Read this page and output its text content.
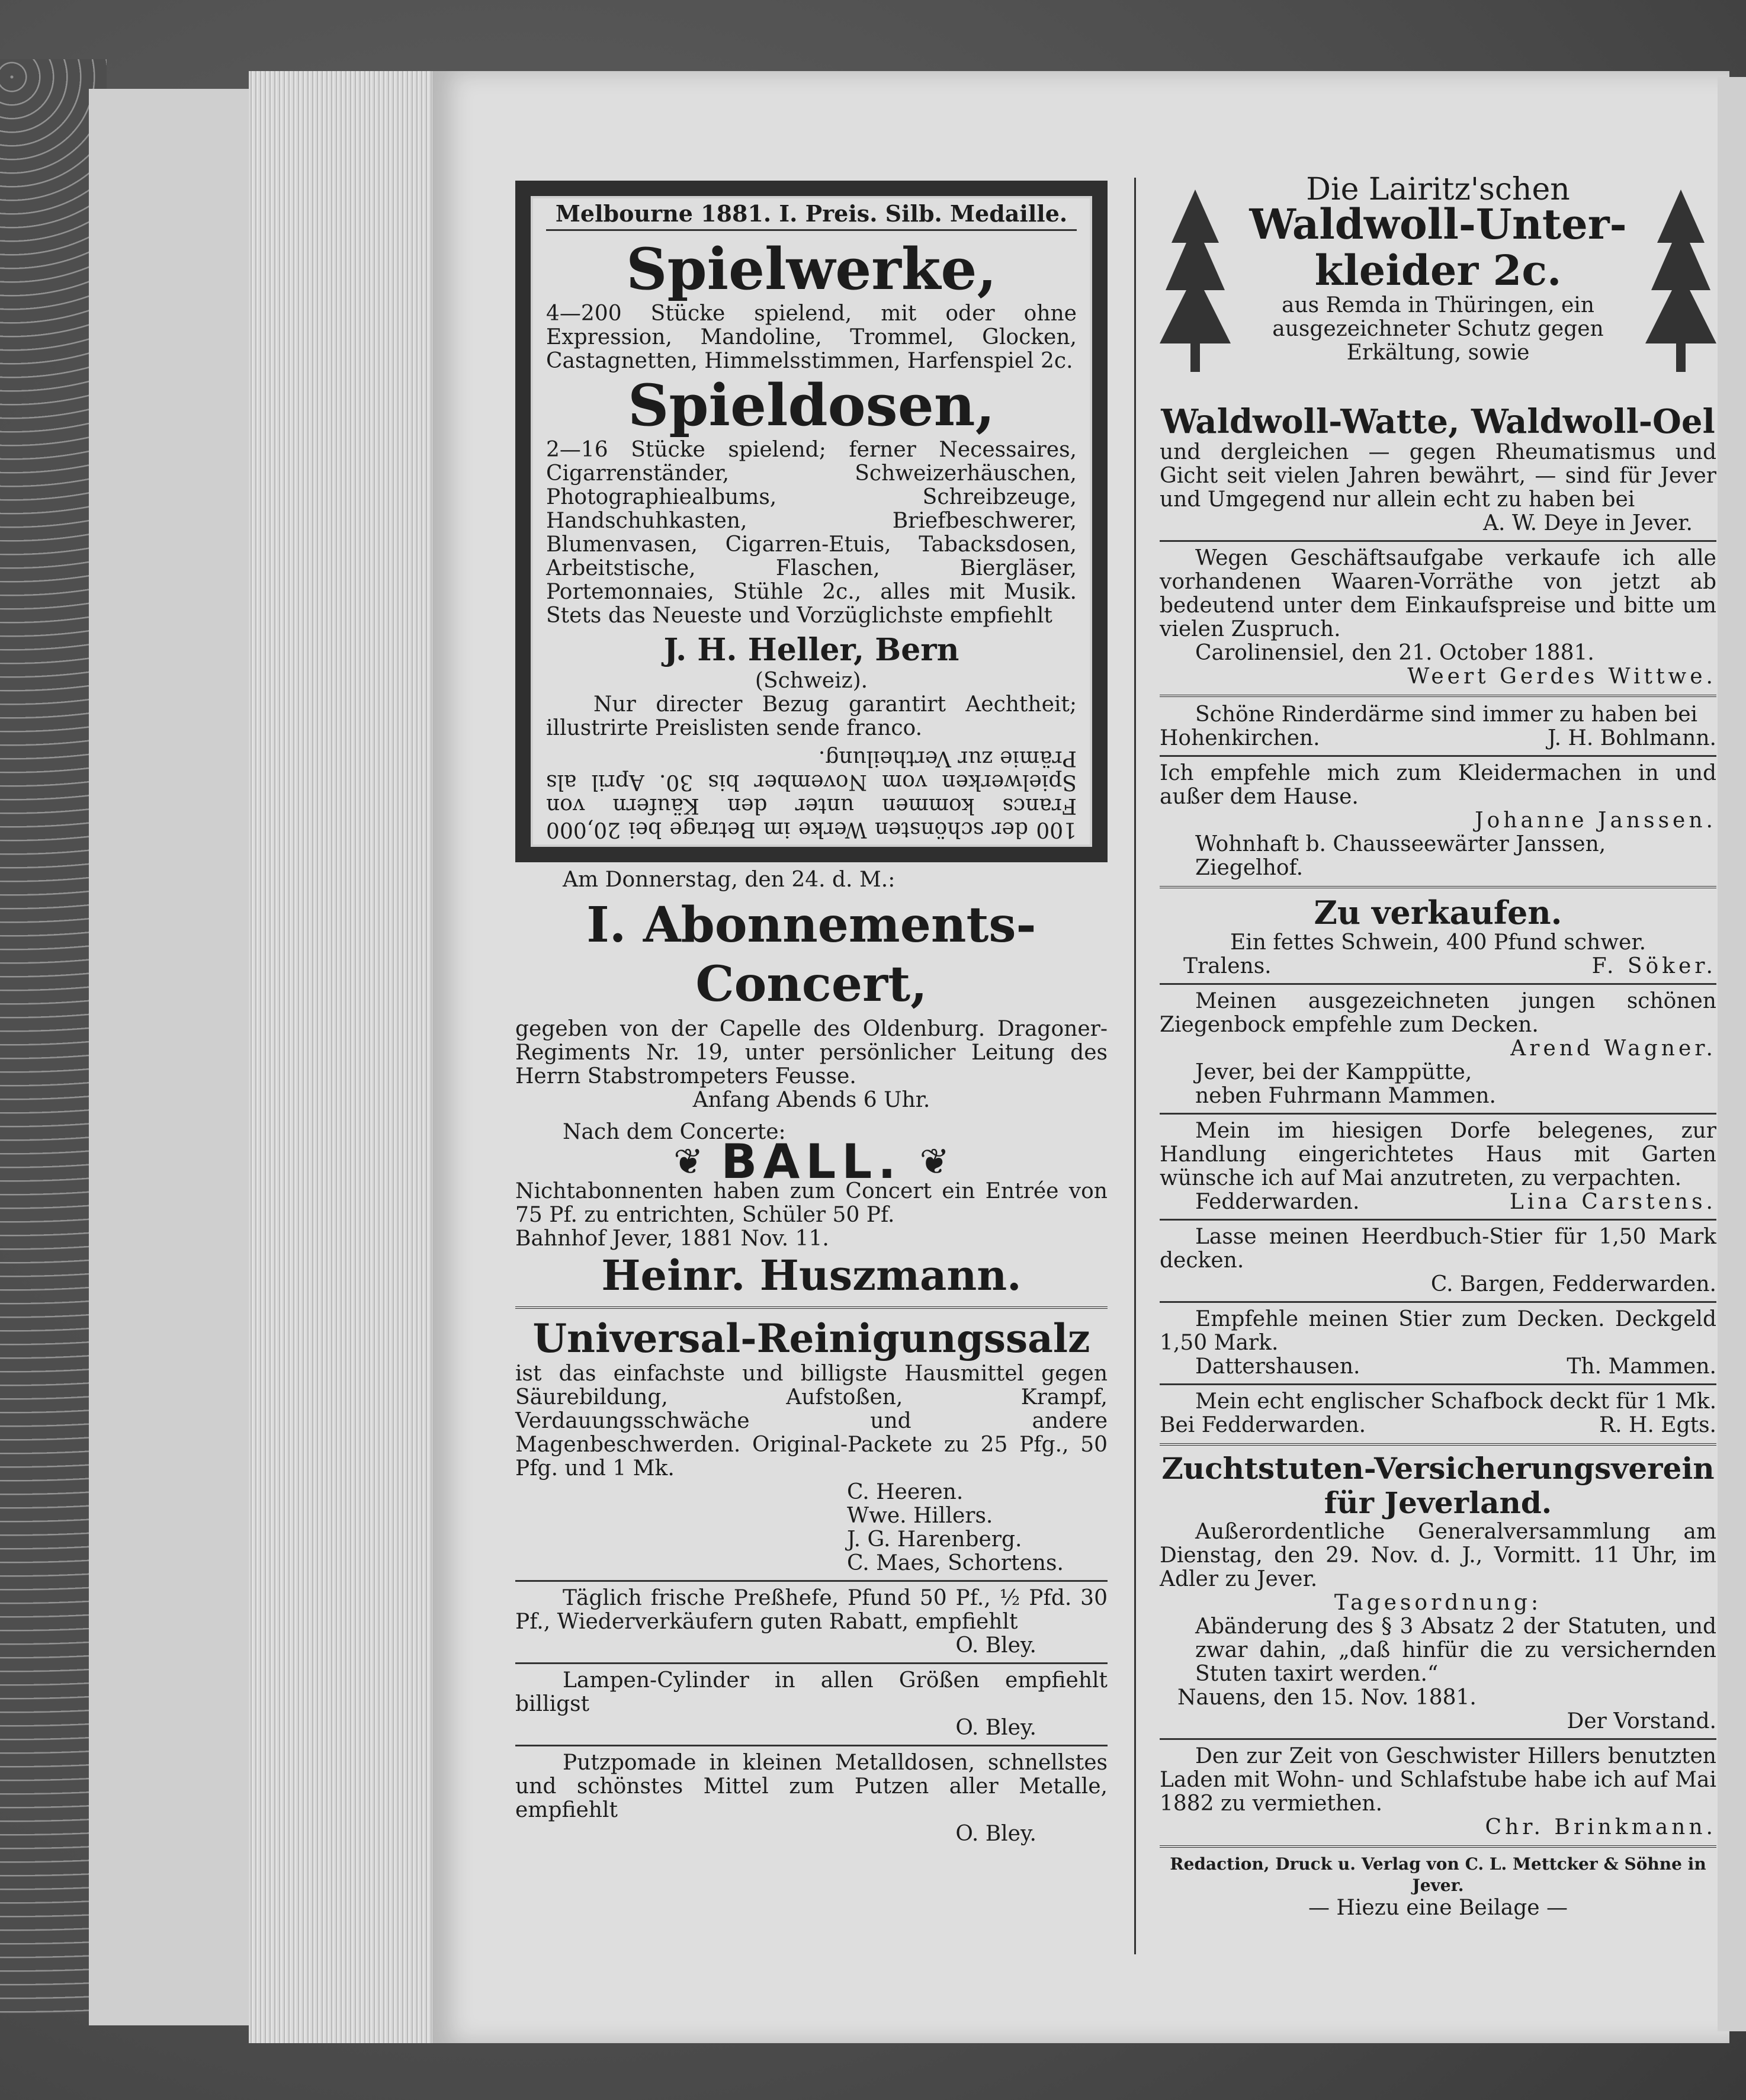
Melbourne 1881. I. Preis. Silb. Medaille.
Spielwerke,

4—200 Stücke spielend, mit oder ohne Expression, Mandoline, Trommel, Glocken, Castagnetten, Himmelsstimmen, Harfenspiel 2c.

Spieldosen,

2—16 Stücke spielend; ferner Necessaires, Cigarrenständer, Schweizerhäuschen, Photographiealbums, Schreibzeuge, Handschuhkasten, Briefbeschwerer, Blumenvasen, Cigarren-Etuis, Tabacksdosen, Arbeitstische, Flaschen, Biergläser, Portemonnaies, Stühle 2c., alles mit Musik. Stets das Neueste und Vorzüglichste empfiehlt

J. H. Heller, Bern
(Schweiz).

Nur directer Bezug garantirt Aechtheit; illustrirte Preislisten sende franco.

100 der schönsten Werke im Betrage bei 20,000 Francs kommen unter den Käufern von Spielwerken vom November bis 30. April als Prämie zur Vertheilung.

Am Donnerstag, den 24. d. M.:

I. Abonnements-Concert,

gegeben von der Capelle des Oldenburg. Dragoner-Regiments Nr. 19, unter persönlicher Leitung des Herrn Stabstrompeters Feusse.

Anfang Abends 6 Uhr.

Nach dem Concerte:

❦ BALL. ❦

Nichtabonnenten haben zum Concert ein Entrée von 75 Pf. zu entrichten, Schüler 50 Pf.

Bahnhof Jever, 1881 Nov. 11.

Heinr. Huszmann.
Universal-Reinigungssalz

ist das einfachste und billigste Hausmittel gegen Säurebildung, Aufstoßen, Krampf, Verdauungsschwäche und andere Magenbeschwerden. Original-Packete zu 25 Pfg., 50 Pfg. und 1 Mk.

C. Heeren.

Wwe. Hillers.

J. G. Harenberg.

C. Maes, Schortens.

Täglich frische Preßhefe, Pfund 50 Pf., ½ Pfd. 30 Pf., Wiederverkäufern guten Rabatt, empfiehlt

O. Bley.

Lampen-Cylinder in allen Größen empfiehlt billigst

O. Bley.

Putzpomade in kleinen Metalldosen, schnellstes und schönstes Mittel zum Putzen aller Metalle, empfiehlt

O. Bley.

Die Lairitz'schen
Waldwoll-Unter-
kleider 2c.

aus Remda in Thüringen, ein ausgezeichneter Schutz gegen Erkältung, sowie

Waldwoll-Watte, Waldwoll-Oel

und dergleichen — gegen Rheumatismus und Gicht seit vielen Jahren bewährt, — sind für Jever und Umgegend nur allein echt zu haben bei

A. W. Deye in Jever.

Wegen Geschäftsaufgabe verkaufe ich alle vorhandenen Waaren-Vorräthe von jetzt ab bedeutend unter dem Einkaufspreise und bitte um vielen Zuspruch.

Carolinensiel, den 21. October 1881.

Weert Gerdes Wittwe.

Schöne Rinderdärme sind immer zu haben bei

Hohenkirchen.	J. H. Bohlmann.

Ich empfehle mich zum Kleidermachen in und außer dem Hause.

Johanne Janssen.

Wohnhaft b. Chausseewärter Janssen, Ziegelhof.

Zu verkaufen.

Ein fettes Schwein, 400 Pfund schwer.

Tralens.	F. Söker.

Meinen ausgezeichneten jungen schönen Ziegenbock empfehle zum Decken.

Arend Wagner.

Jever, bei der Kamppütte,

neben Fuhrmann Mammen.

Mein im hiesigen Dorfe belegenes, zur Handlung eingerichtetes Haus mit Garten wünsche ich auf Mai anzutreten, zu verpachten.

Fedderwarden.	Lina Carstens.

Lasse meinen Heerdbuch-Stier für 1,50 Mark decken.

C. Bargen, Fedderwarden.

Empfehle meinen Stier zum Decken. Deckgeld 1,50 Mark.

Dattershausen.	Th. Mammen.

Mein echt englischer Schafbock deckt für 1 Mk.

Bei Fedderwarden.	R. H. Egts.
Zuchtstuten-Versicherungsverein
für Jeverland.

Außerordentliche Generalversammlung am Dienstag, den 29. Nov. d. J., Vormitt. 11 Uhr, im Adler zu Jever.

Tagesordnung:

Abänderung des § 3 Absatz 2 der Statuten, und zwar dahin, „daß hinfür die zu versichernden Stuten taxirt werden.“

Nauens, den 15. Nov. 1881.

Der Vorstand.

Den zur Zeit von Geschwister Hillers benutzten Laden mit Wohn- und Schlafstube habe ich auf Mai 1882 zu vermiethen.

Chr. Brinkmann.

Redaction, Druck u. Verlag von C. L. Mettcker & Söhne in Jever.

— Hiezu eine Beilage —
